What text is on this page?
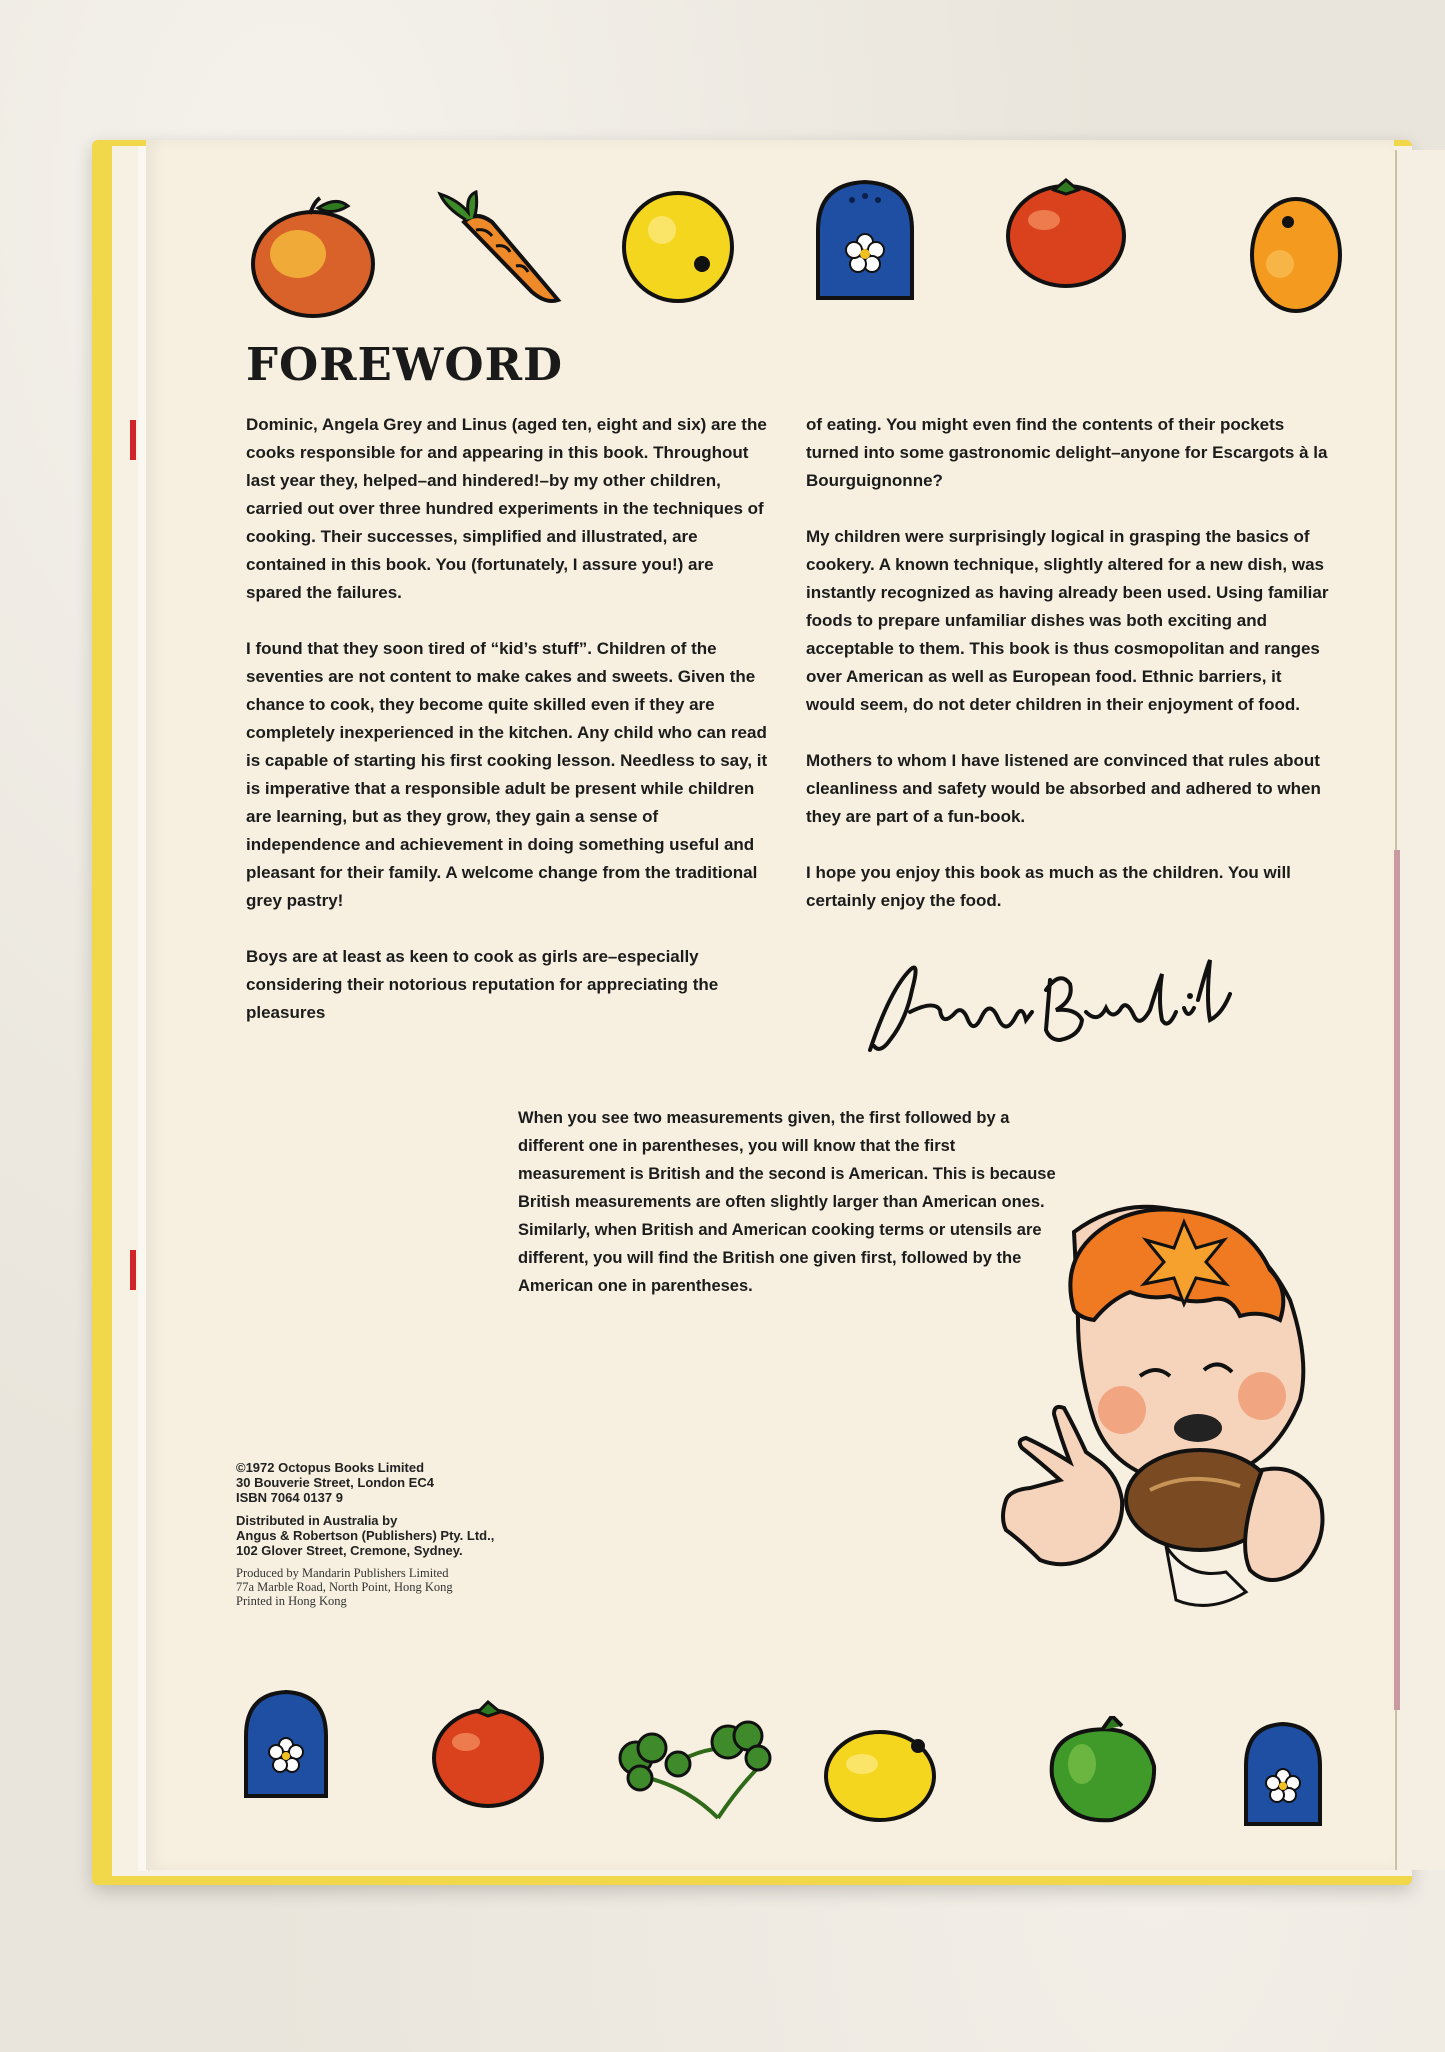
FOREWORD

Dominic, Angela Grey and Linus (aged ten, eight and six) are the cooks responsible for and appearing in this book. Throughout last year they, helped–and hindered!–by my other children, carried out over three hundred experiments in the techniques of cooking. Their successes, simplified and illustrated, are contained in this book. You (fortunately, I assure you!) are spared the failures.

I found that they soon tired of “kid’s stuff”. Children of the seventies are not content to make cakes and sweets. Given the chance to cook, they become quite skilled even if they are completely inexperienced in the kitchen. Any child who can read is capable of starting his first cooking lesson. Needless to say, it is imperative that a responsible adult be present while children are learning, but as they grow, they gain a sense of independence and achievement in doing something useful and pleasant for their family. A welcome change from the traditional grey pastry!

Boys are at least as keen to cook as girls are–especially considering their notorious reputation for appreciating the pleasures

of eating. You might even find the contents of their pockets turned into some gastronomic delight–anyone for Escargots à la Bourguignonne?

My children were surprisingly logical in grasping the basics of cookery. A known technique, slightly altered for a new dish, was instantly recognized as having already been used. Using familiar foods to prepare unfamiliar dishes was both exciting and acceptable to them. This book is thus cosmopolitan and ranges over American as well as European food. Ethnic barriers, it would seem, do not deter children in their enjoyment of food.

Mothers to whom I have listened are convinced that rules about cleanliness and safety would be absorbed and adhered to when they are part of a fun-book.

I hope you enjoy this book as much as the children. You will certainly enjoy the food.

When you see two measurements given, the first followed by a different one in parentheses, you will know that the first measurement is British and the second is American. This is because British measurements are often slightly larger than American ones. Similarly, when British and American cooking terms or utensils are different, you will find the British one given first, followed by the American one in parentheses.
©1972 Octopus Books Limited
30 Bouverie Street, London EC4
ISBN 7064 0137 9
Distributed in Australia by
Angus & Robertson (Publishers) Pty. Ltd.,
102 Glover Street, Cremone, Sydney.
Produced by Mandarin Publishers Limited
77a Marble Road, North Point, Hong Kong
Printed in Hong Kong
